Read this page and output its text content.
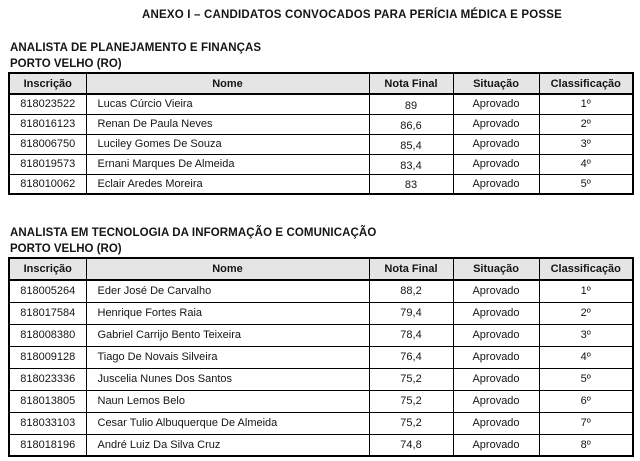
ANEXO I – CANDIDATOS CONVOCADOS PARA PERÍCIA MÉDICA E POSSE
ANALISTA DE PLANEJAMENTO E FINANÇAS
PORTO VELHO (RO)
Inscrição	Nome	Nota Final	Situação	Classificação
818023522	Lucas Cúrcio Vieira	89	Aprovado	1º
818016123	Renan De Paula Neves	86,6	Aprovado	2º
818006750	Luciley Gomes De Souza	85,4	Aprovado	3º
818019573	Ernani Marques De Almeida	83,4	Aprovado	4º
818010062	Eclair Aredes Moreira	83	Aprovado	5º
ANALISTA EM TECNOLOGIA DA INFORMAÇÃO E COMUNICAÇÃO
PORTO VELHO (RO)
Inscrição	Nome	Nota Final	Situação	Classificação
818005264	Eder José De Carvalho	88,2	Aprovado	1º
818017584	Henrique Fortes Raia	79,4	Aprovado	2º
818008380	Gabriel Carrijo Bento Teixeira	78,4	Aprovado	3º
818009128	Tiago De Novais Silveira	76,4	Aprovado	4º
818023336	Juscelia Nunes Dos Santos	75,2	Aprovado	5º
818013805	Naun Lemos Belo	75,2	Aprovado	6º
818033103	Cesar Tulio Albuquerque De Almeida	75,2	Aprovado	7º
818018196	André Luiz Da Silva Cruz	74,8	Aprovado	8º
